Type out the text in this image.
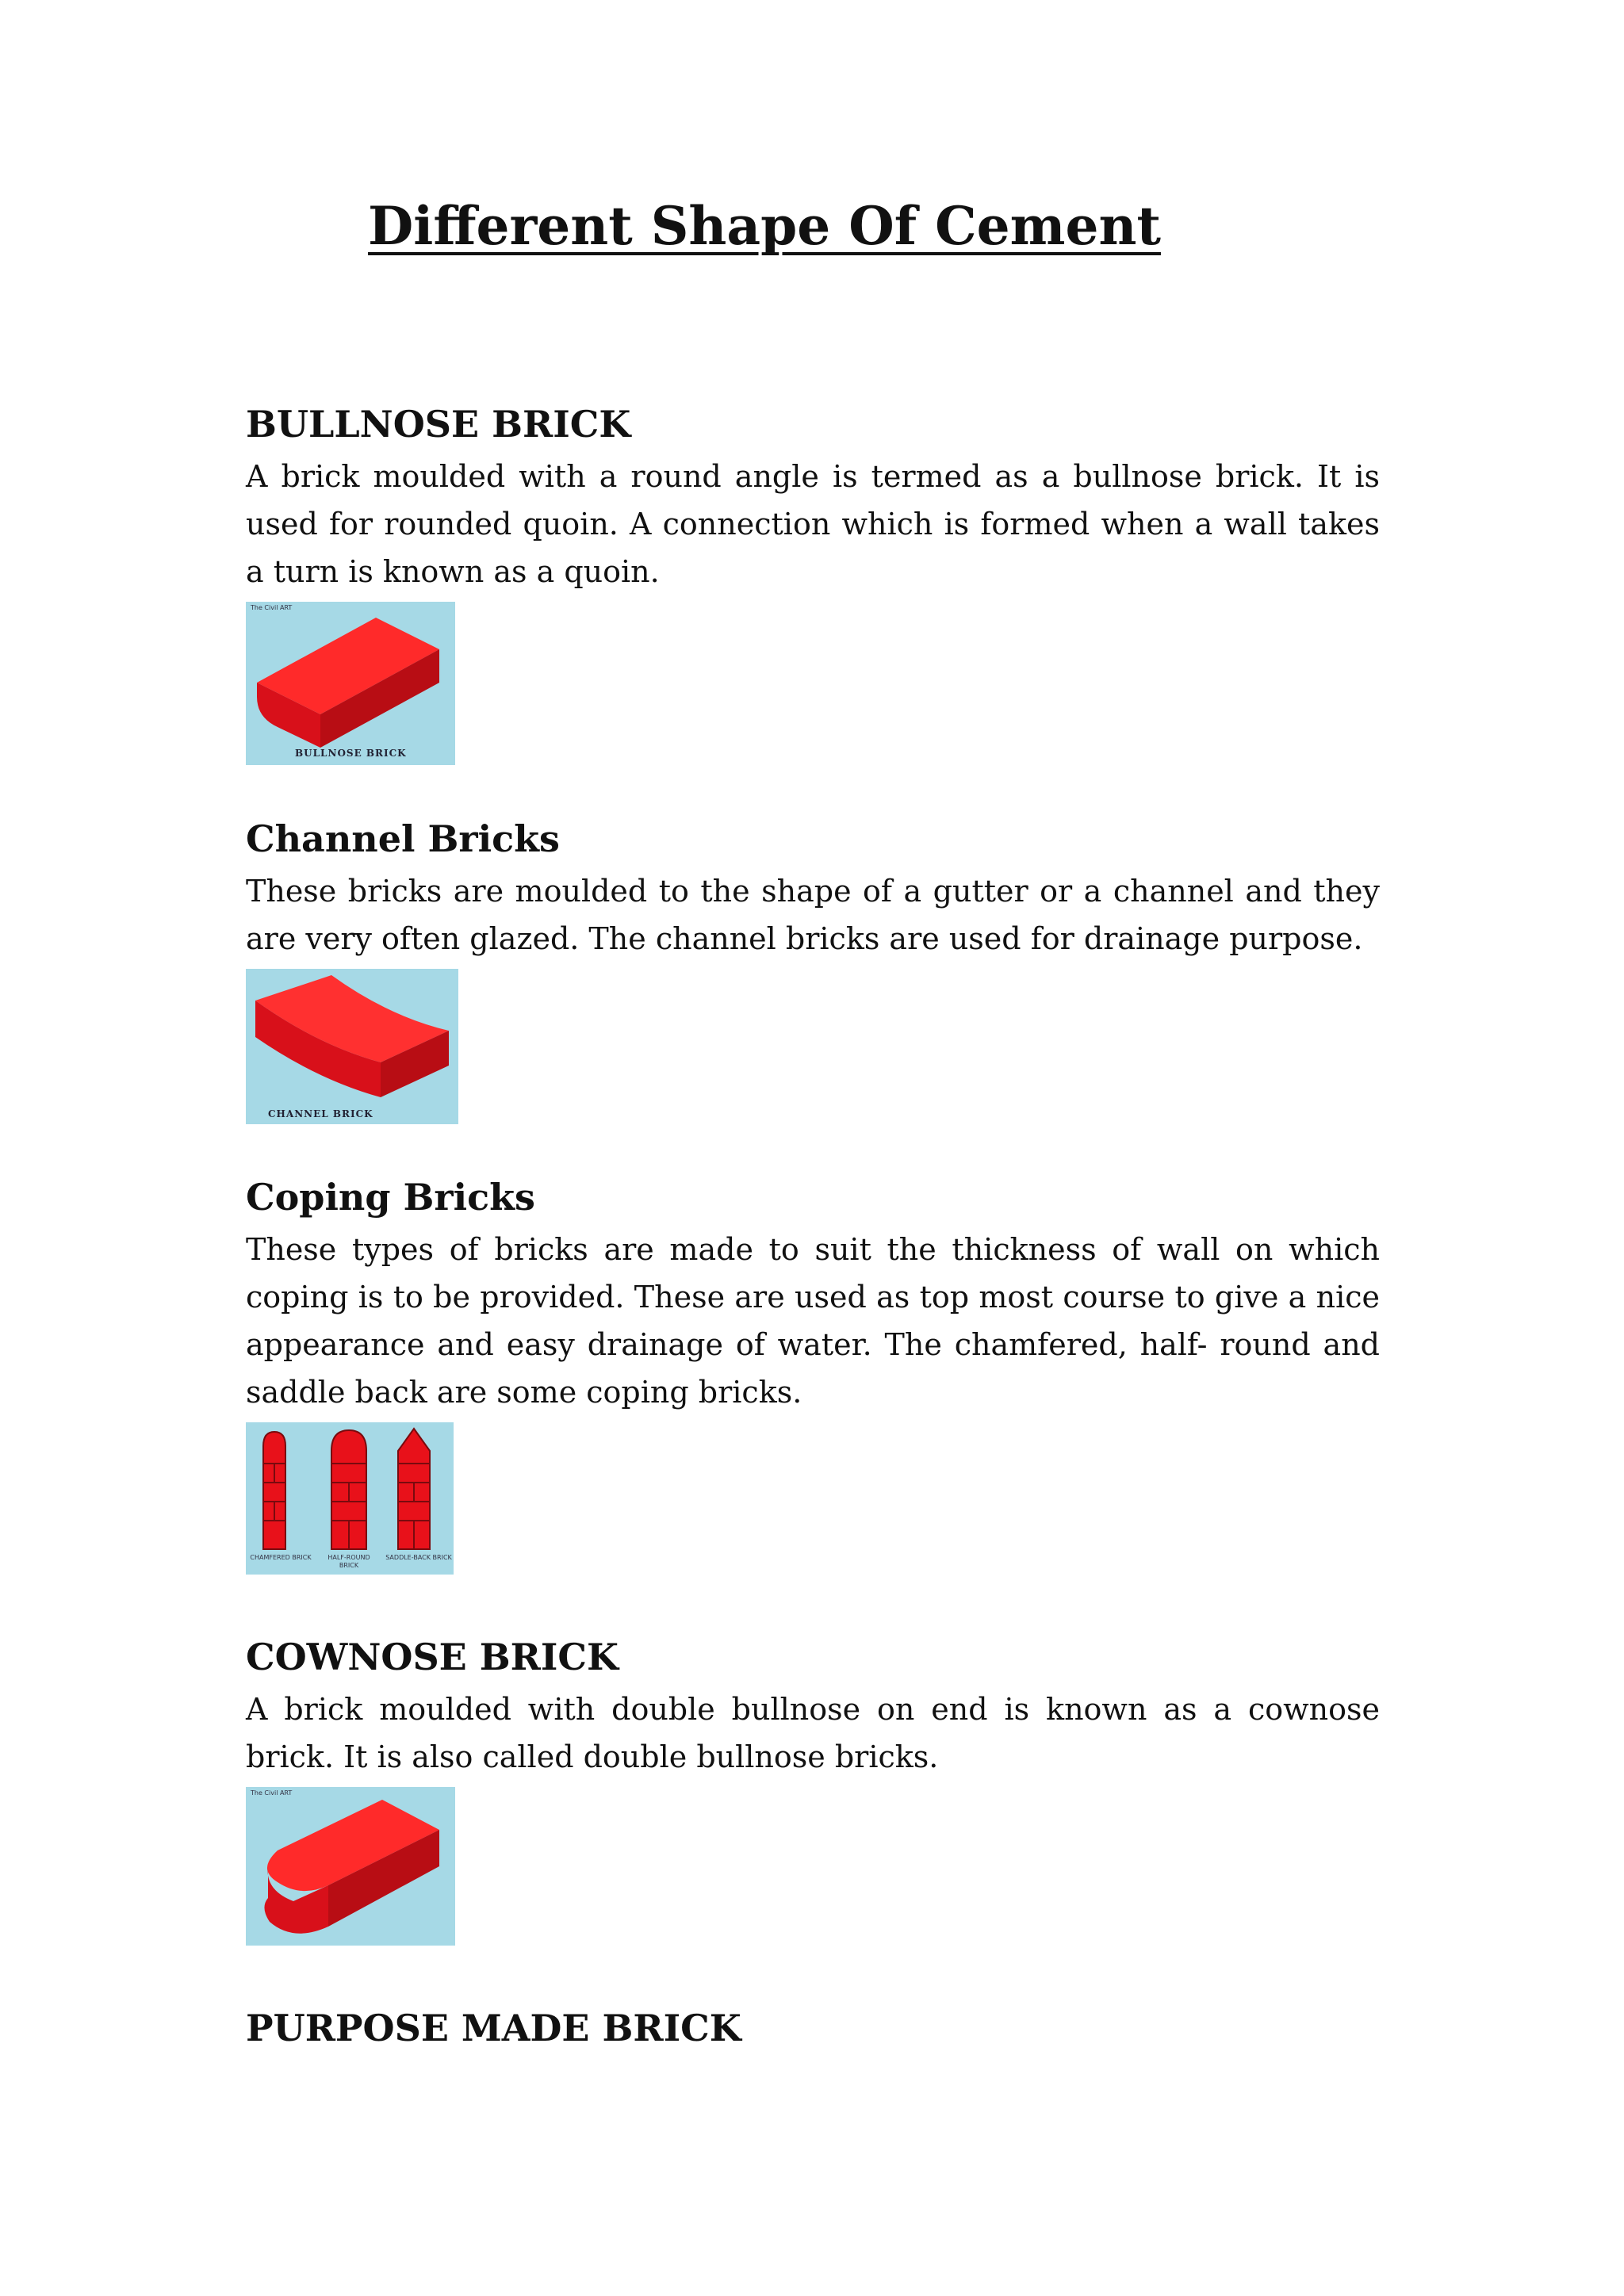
Different Shape Of Cement
BULLNOSE BRICK

A brick moulded with a round angle is termed as a bullnose brick. It is used for rounded quoin. A connection which is formed when a wall takes a turn is known as a quoin.

The Civil ART
BULLNOSE BRICK
Channel Bricks

These bricks are moulded to the shape of a gutter or a channel and they are very often glazed. The channel bricks are used for drainage purpose.

CHANNEL BRICK
Coping Bricks

These types of bricks are made to suit the thickness of wall on which coping is to be provided. These are used as top most course to give a nice appearance and easy drainage of water. The chamfered, half- round and saddle back are some coping bricks.

CHAMFERED BRICK	HALF-ROUND BRICK
SADDLE-BACK BRICK
COWNOSE BRICK

A brick moulded with double bullnose on end is known as a cownose brick. It is also called double bullnose bricks.

The Civil ART
PURPOSE MADE BRICK
